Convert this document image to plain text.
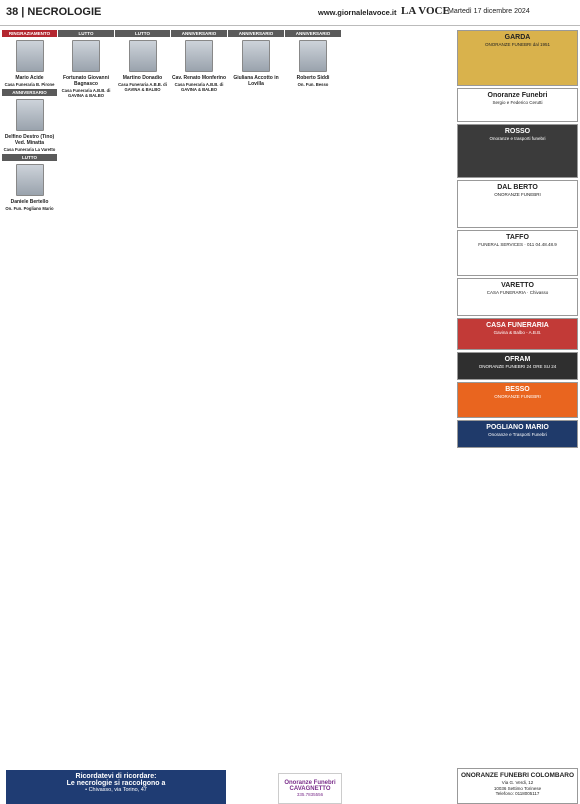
38 | NECROLOGIE	www.giornalelavoce.it LA VOCE
Martedì 17 dicembre 2024
RINGRAZIAMENTO
Mario Acide
Casa Funeraria B. Pirone
ANNIVERSARIO
Delfino Destro (Tino) Ved. Minatta
Casa Funeraria La Varetto
LUTTO
Daniele Bertello
On. Fun. Pogliano Mario
LUTTO
Fortunato Giovanni Bagnasco
Casa Funeraria A.B.B. di GAVINA & BALBO
LUTTO
Martino Donadio
Casa Funeraria A.B.B. di GAVINA & BALBO
ANNIVERSARIO
Cav. Renato Monferino
Casa Funeraria A.B.B. di GAVINA & BALBO
ANNIVERSARIO
Giuliana Accotto in Lovilla
ANNIVERSARIO
Roberto Siddi
On. Fun. Besso
GARDA
ONORANZE FUNEBRI dal 1951
Onoranze Funebri
Sergio e Federico Cerutti
ROSSO
Onoranze e trasporti funebri
DAL BERTO
ONORANZE FUNEBRI
TAFFO
FUNERAL SERVICES · 011 04.48.48.9
VARETTO
CASA FUNERARIA · Chivasso
CASA FUNERARIA
Gavina & Balbo - A.B.B.
OFRAM
ONORANZE FUNEBRI 24 ORE SU 24
BESSO
ONORANZE FUNEBRI
POGLIANO MARIO
Onoranze e Trasporti Funebri
Ricordatevi di ricordare:
Le necrologie si raccolgono a
• Chivasso, via Torino, 47
Onoranze Funebri CAVAGNETTO
335.7835556
ONORANZE FUNEBRI COLOMBARO
Via G. Verdi, 12
10036 Settimo Torinese
Telefono: 0118005117
